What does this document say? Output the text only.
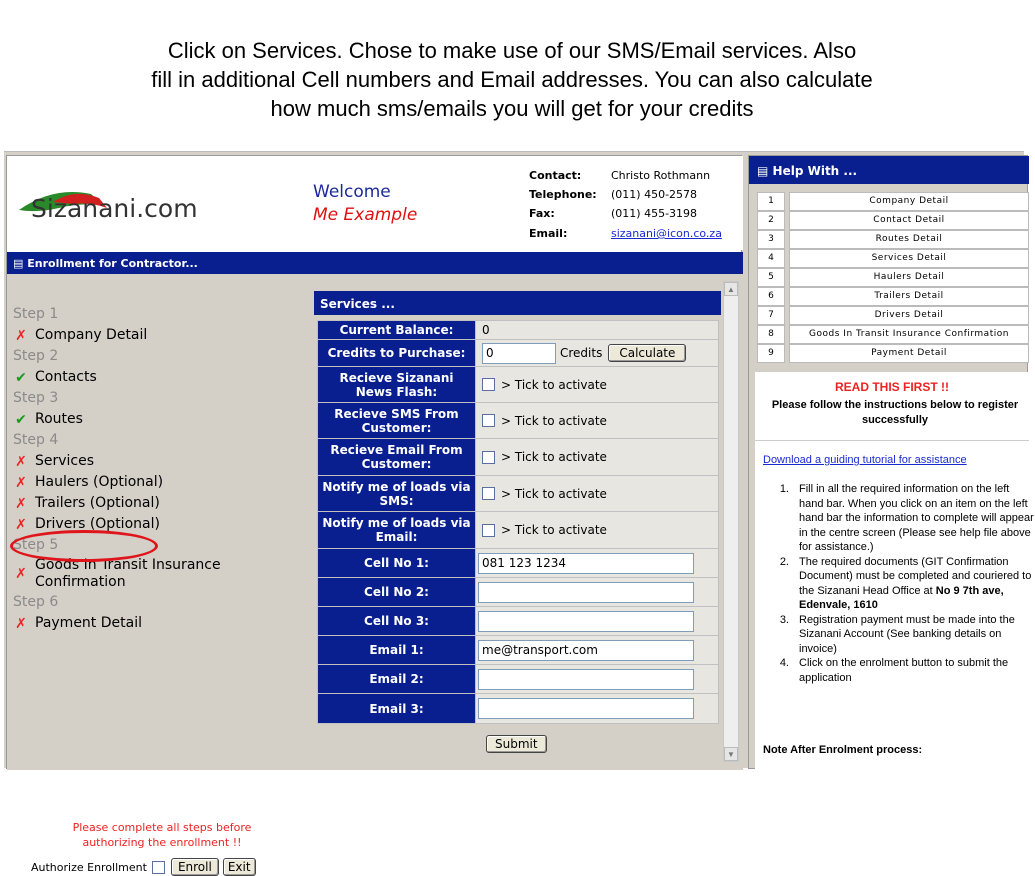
Click on Services. Chose to make use of our SMS/Email services. Also
fill in additional Cell numbers and Email addresses. You can also calculate
how much sms/emails you will get for your credits
Sizanani.com
Welcome
Me Example
Contact:	Christo Rothmann
Telephone: (011) 450-2578
Fax:	(011) 455-3198
Email:	sizanani@icon.co.za
▤ Enrollment for Contractor...
Step 1
✗ Company Detail
Step 2
✔ Contacts
Step 3
✔ Routes
Step 4
✗ Services
✗ Haulers (Optional)
✗ Trailers (Optional)
✗ Drivers (Optional)
Step 5
✗
Goods In Transit Insurance Confirmation
Step 6
✗ Payment Detail
Please complete all steps before authorizing the enrollment !!
Authorize Enrollment	Enroll	Exit
Services ...
Current Balance:	0
Credits to Purchase:
0	Credits	Calculate
Recieve Sizanani News Flash:	> Tick to activate
Recieve SMS From Customer:	> Tick to activate
Recieve Email From Customer:	> Tick to activate
Notify me of loads via SMS:	> Tick to activate
Notify me of loads via Email:	> Tick to activate
Cell No 1:
081 123 1234
Cell No 2:
Cell No 3:
Email 1:
me@transport.com
Email 2:
Email 3:
Submit
▲
▼
▤ Help With ...
1	Company Detail
2	Contact Detail
3	Routes Detail
4	Services Detail
5	Haulers Detail
6	Trailers Detail
7	Drivers Detail
8	Goods In Transit Insurance Confirmation
9	Payment Detail
READ THIS FIRST !!
Please follow the instructions below to register successfully
Download a guiding tutorial for assistance
1. Fill in all the required information on the left hand bar. When you click on an item on the left hand bar the information to complete will appear in the centre screen (Please see help file above for assistance.)
2. The required documents (GIT Confirmation Document) must be completed and couriered to the Sizanani Head Office at No 9 7th ave, Edenvale, 1610
3. Registration payment must be made into the Sizanani Account (See banking details on invoice)
4. Click on the enrolment button to submit the application
Note After Enrolment process:
